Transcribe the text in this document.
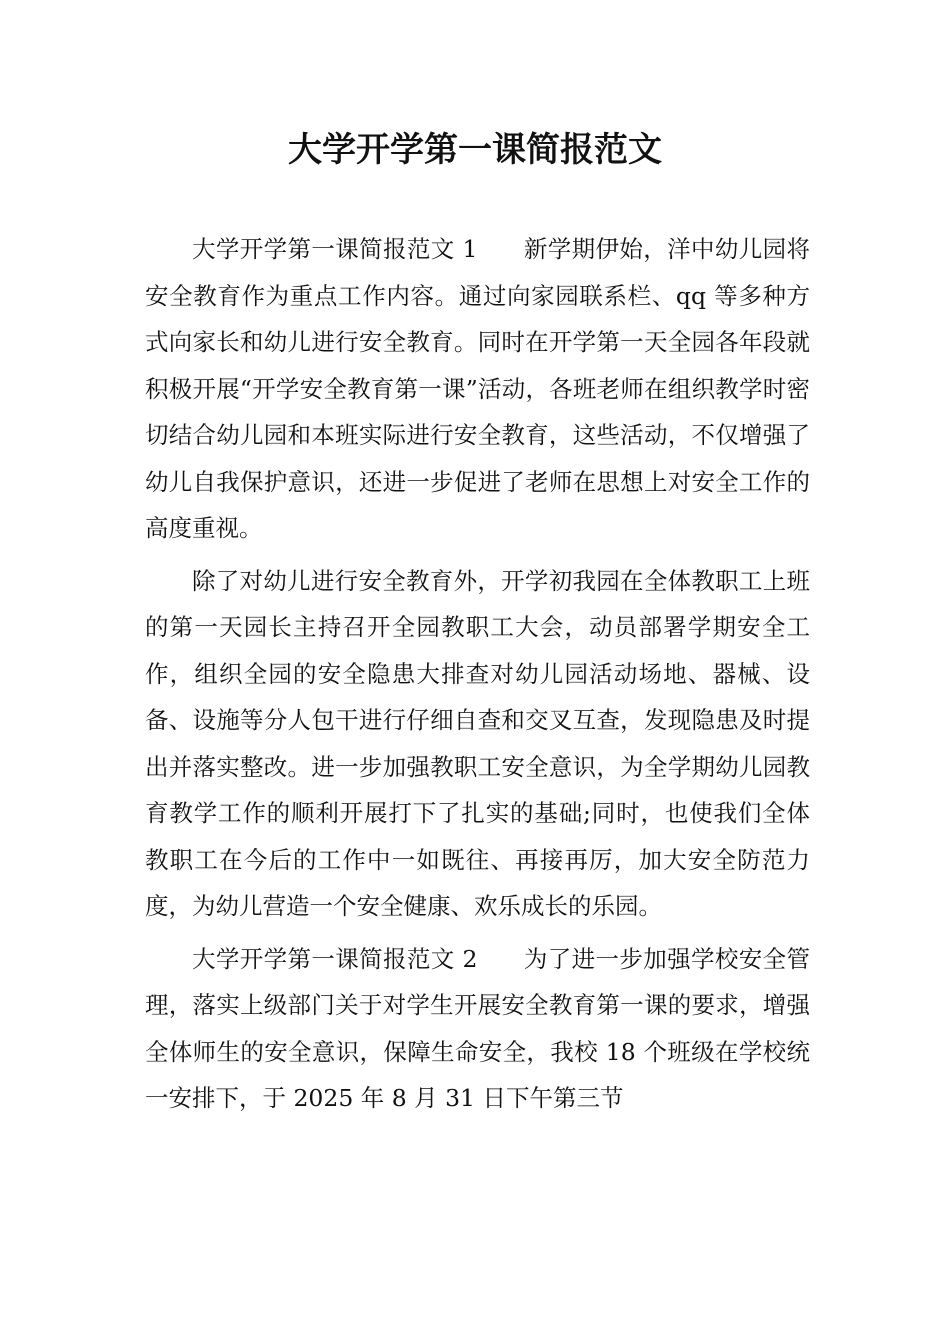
大学开学第一课简报范文

大学开学第一课简报范文 1 新学期伊始，洋中幼儿园将安全教育作为重点工作内容。通过向家园联系栏、qq 等多种方式向家长和幼儿进行安全教育。同时在开学第一天全园各年段就积极开展“开学安全教育第一课”活动，各班老师在组织教学时密切结合幼儿园和本班实际进行安全教育，这些活动，不仅增强了幼儿自我保护意识，还进一步促进了老师在思想上对安全工作的高度重视。

除了对幼儿进行安全教育外，开学初我园在全体教职工上班的第一天园长主持召开全园教职工大会，动员部署学期安全工作，组织全园的安全隐患大排查对幼儿园活动场地、器械、设备、设施等分人包干进行仔细自查和交叉互查，发现隐患及时提出并落实整改。进一步加强教职工安全意识，为全学期幼儿园教育教学工作的顺利开展打下了扎实的基础;同时，也使我们全体教职工在今后的工作中一如既往、再接再厉，加大安全防范力度，为幼儿营造一个安全健康、欢乐成长的乐园。

大学开学第一课简报范文 2 为了进一步加强学校安全管理，落实上级部门关于对学生开展安全教育第一课的要求，增强全体师生的安全意识，保障生命安全，我校 18 个班级在学校统一安排下，于 2025 年 8 月 31 日下午第三节
